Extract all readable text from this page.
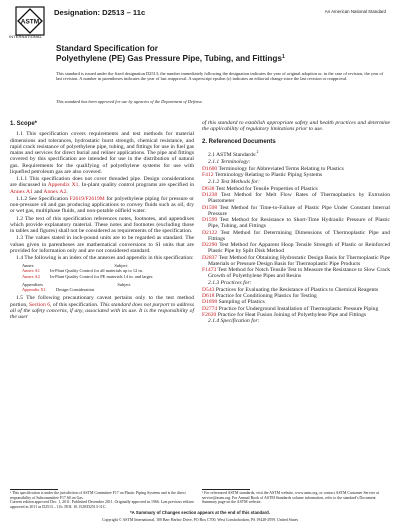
ASTM
INTERNATIONAL
Designation: D2513 – 11c	An American National Standard
Standard Specification for
Polyethylene (PE) Gas Pressure Pipe, Tubing, and Fittings$^1$
This standard is issued under the fixed designation D2513; the number immediately following the designation indicates the year of original adoption or, in the case of revision, the year of last revision. A number in parentheses indicates the year of last reapproval. A superscript epsilon (ε) indicates an editorial change since the last revision or reapproval.
This standard has been approved for use by agencies of the Department of Defense.
1. Scope*

1.1 This specification covers requirements and test methods for material dimensions and tolerances, hydrostatic burst strength, chemical resistance, and rapid crack resistance of polyethylene pipe, tubing, and fittings for use in fuel gas mains and services for direct burial and reliner applications. The pipe and fittings covered by this specification are intended for use in the distribution of natural gas. Requirements for the qualifying of polyethylene systems for use with liquefied petroleum gas are also covered.

1.1.1 This specification does not cover threaded pipe. Design considerations are discussed in Appendix X1. In-plant quality control programs are specified in Annex A1 and Annex A2.

1.1.2 See Specification F2619/F2619M for polyethylene piping for pressure or non-pressure oil and gas producing applications to convey fluids such as oil, dry or wet gas, multiphase fluids, and non-potable oilfield water.

1.2 The text of this specification references notes, footnotes, and appendixes which provide explanatory material. These notes and footnotes (excluding those in tables and figures) shall not be considered as requirements of the specification.

1.3 The values stated in inch-pound units are to be regarded as standard. The values given in parentheses are mathematical conversions to SI units that are provided for information only and are not considered standard.

1.4 The following is an index of the annexes and appendix in this specification:

Annex	Subject
Annex A1	In-Plant Quality Control for all materials up to 12 in.
Annex A2	In-Plant Quality Control for PE materials 14 in. and larger.
Appendixes	Subject
Appendix X1	Design Consideration

1.5 The following precautionary caveat pertains only to the test method portion, Section 6, of this specification. This standard does not purport to address all of the safety concerns, if any, associated with its use. It is the responsibility of the user

of this standard to establish appropriate safety and health practices and determine the applicability of regulatory limitations prior to use.

2. Referenced Documents

2.1 ASTM Standards:$^2$

2.1.1 Terminology:

D1600 Terminology for Abbreviated Terms Relating to Plastics

F412 Terminology Relating to Plastic Piping Systems

2.1.2 Test Methods for:

D638 Test Method for Tensile Properties of Plastics

D1238 Test Method for Melt Flow Rates of Thermoplastics by Extrusion Plastometer

D1598 Test Method for Time-to-Failure of Plastic Pipe Under Constant Internal Pressure

D1599 Test Method for Resistance to Short-Time Hydraulic Pressure of Plastic Pipe, Tubing, and Fittings

D2122 Test Method for Determining Dimensions of Thermoplastic Pipe and Fittings

D2290 Test Method for Apparent Hoop Tensile Strength of Plastic or Reinforced Plastic Pipe by Split Disk Method

D2837 Test Method for Obtaining Hydrostatic Design Basis for Thermoplastic Pipe Materials or Pressure Design Basis for Thermoplastic Pipe Products

F1473 Test Method for Notch Tensile Test to Measure the Resistance to Slow Crack Growth of Polyethylene Pipes and Resins

2.1.3 Practices for:

D543 Practices for Evaluating the Resistance of Plastics to Chemical Reagents

D618 Practice for Conditioning Plastics for Testing

D1898 Sampling of Plastics

D2774 Practice for Underground Installation of Thermoplastic Pressure Piping

F2620 Practice for Heat Fusion Joining of Polyethylene Pipe and Fittings

2.1.4 Specification for:

¹ This specification is under the jurisdiction of ASTM Committee F17 on Plastic Piping Systems and is the direct responsibility of Subcommittee F17.60 on Gas.
Current edition approved Dec. 1, 2011. Published December 2011. Originally approved in 1966. Last previous edition approved in 2011 as D2513 – 11b. DOI: 10.1520/D2513-11C.
² For referenced ASTM standards, visit the ASTM website, www.astm.org, or contact ASTM Customer Service at service@astm.org. For Annual Book of ASTM Standards volume information, refer to the standard's Document Summary page on the ASTM website.
*A Summary of Changes section appears at the end of this standard.
Copyright © ASTM International, 100 Barr Harbor Drive, PO Box C700, West Conshohocken, PA 19428-2959. United States
